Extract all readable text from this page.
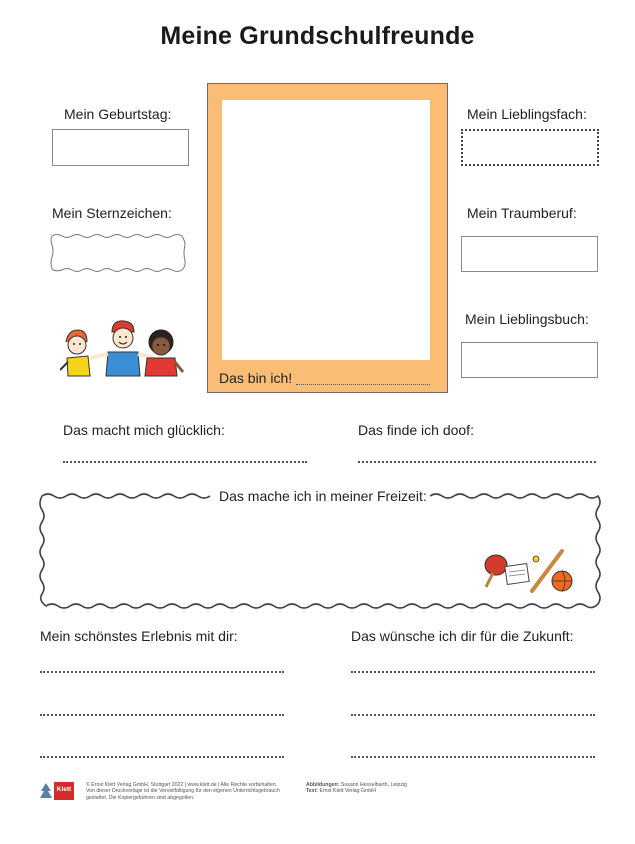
Meine Grundschulfreunde
Mein Geburtstag:
Mein Sternzeichen:
Das bin ich!
Mein Lieblingsfach:
Mein Traumberuf:
Mein Lieblingsbuch:
Das macht mich glücklich:	Das finde ich doof:
Das mache ich in meiner Freizeit:
Mein schönstes Erlebnis mit dir:	Das wünsche ich dir für die Zukunft:
Klett
© Ernst Klett Verlag GmbH, Stuttgart 2022 | www.klett.de | Alle Rechte vorbehalten. Von dieser Druckvorlage ist die Vervielfältigung für den eigenen Unterrichtsgebrauch gestattet. Die Kopiergebühren sind abgegolten.
Abbildungen: Susann Hesselbarth, Leipzig
Text: Ernst Klett Verlag GmbH
